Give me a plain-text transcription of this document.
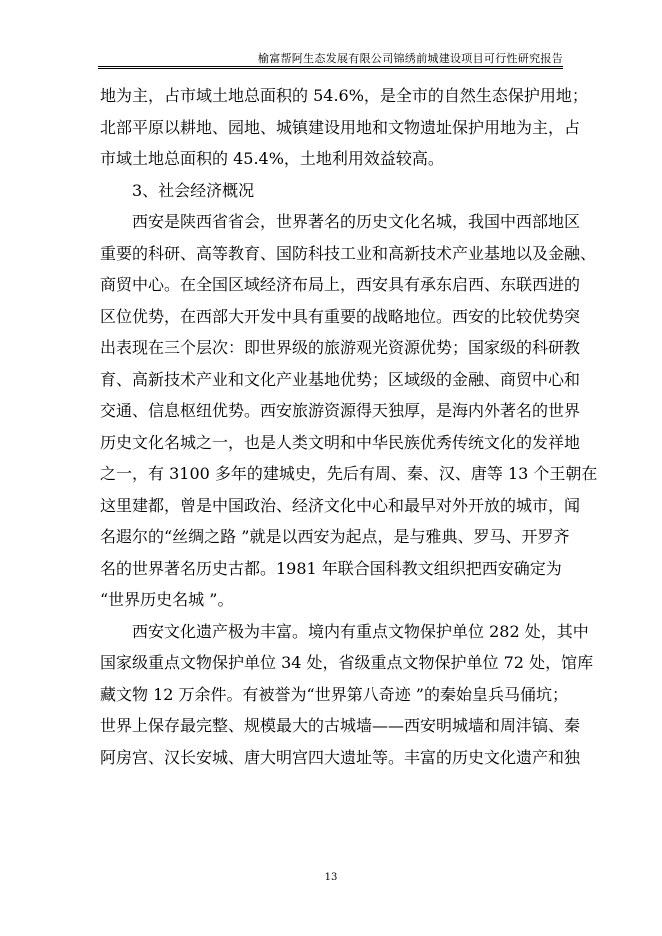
榆富帮阿生态发展有限公司锦绣前城建设项目可行性研究报告
地为主，占市域土地总面积的 54.6%，是全市的自然生态保护用地；
北部平原以耕地、园地、城镇建设用地和文物遗址保护用地为主，占
市域土地总面积的 45.4%，土地利用效益较高。
3、社会经济概况
西安是陕西省省会，世界著名的历史文化名城，我国中西部地区
重要的科研、高等教育、国防科技工业和高新技术产业基地以及金融、
商贸中心。在全国区域经济布局上，西安具有承东启西、东联西进的
区位优势，在西部大开发中具有重要的战略地位。西安的比较优势突
出表现在三个层次：即世界级的旅游观光资源优势；国家级的科研教
育、高新技术产业和文化产业基地优势；区域级的金融、商贸中心和
交通、信息枢纽优势。西安旅游资源得天独厚，是海内外著名的世界
历史文化名城之一，也是人类文明和中华民族优秀传统文化的发祥地
之一，有 3100 多年的建城史，先后有周、秦、汉、唐等 13 个王朝在
这里建都，曾是中国政治、经济文化中心和最早对外开放的城市，闻
名遐尔的“丝绸之路 ”就是以西安为起点，是与雅典、罗马、开罗齐
名的世界著名历史古都。1981 年联合国科教文组织把西安确定为
“世界历史名城 ”。
西安文化遗产极为丰富。境内有重点文物保护单位 282 处，其中
国家级重点文物保护单位 34 处，省级重点文物保护单位 72 处，馆库
藏文物 12 万余件。有被誉为“世界第八奇迹 ”的秦始皇兵马俑坑；
世界上保存最完整、规模最大的古城墙——西安明城墙和周沣镐、秦
阿房宫、汉长安城、唐大明宫四大遗址等。丰富的历史文化遗产和独
13
